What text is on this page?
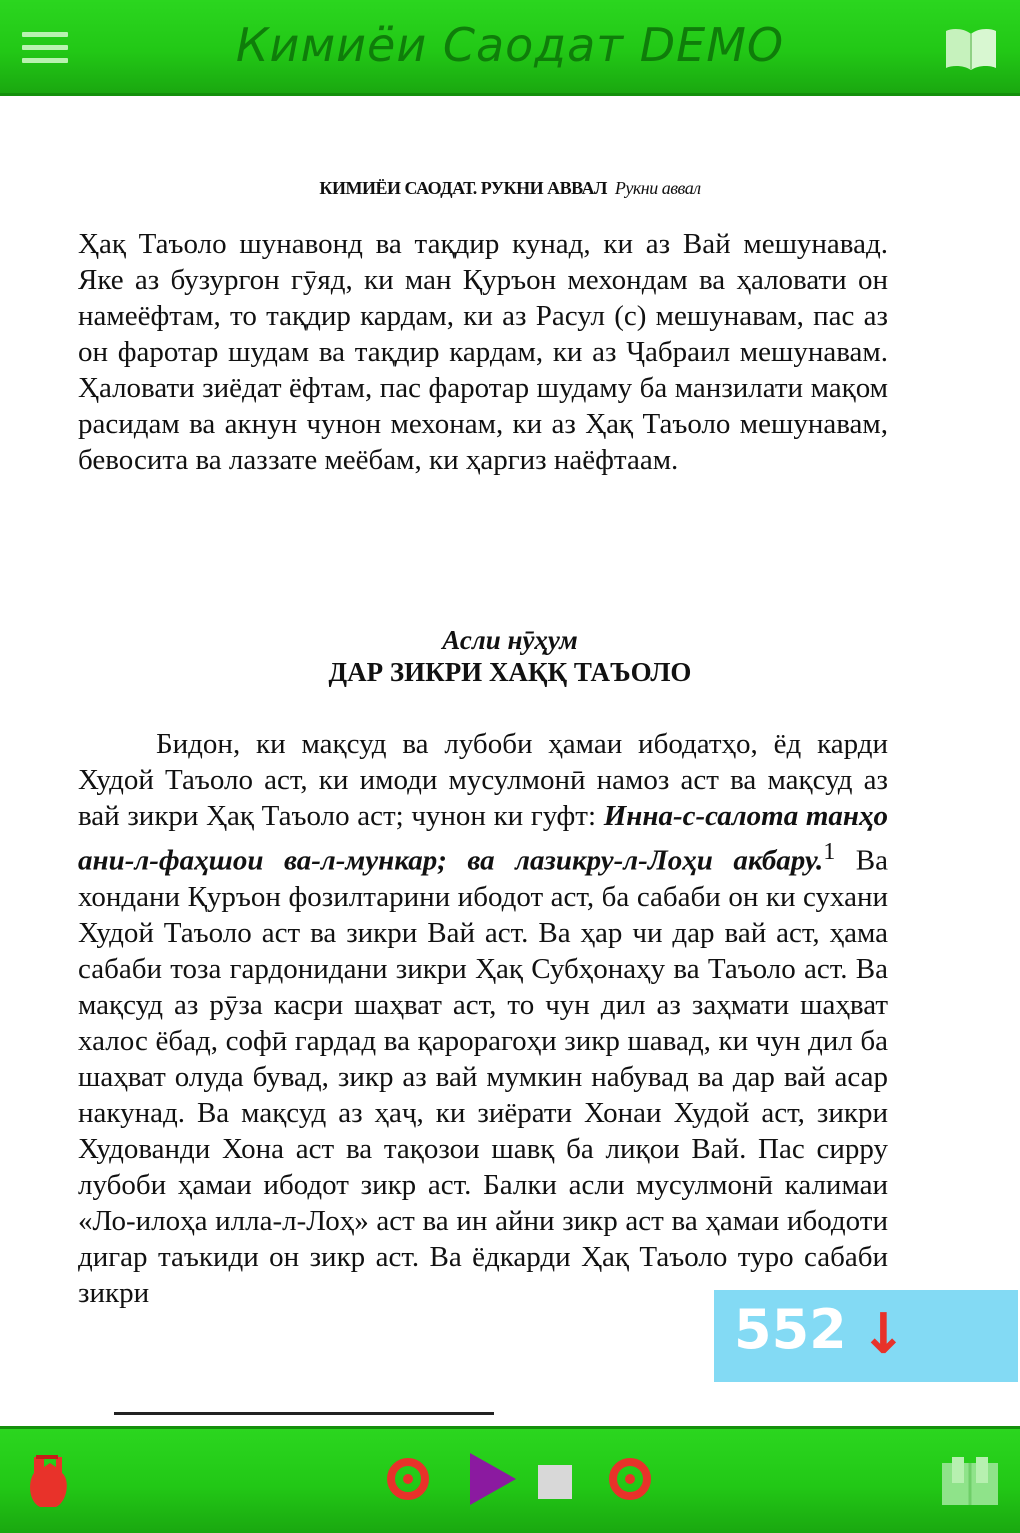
Кимиёи Саодат DEMO
КИМИЁИ САОДАТ. РУКНИ АВВАЛ Рукни аввал

Ҳақ Таъоло шунавонд ва тақдир кунад, ки аз Вай мешунавад. Яке аз бузургон гӯяд, ки ман Қуръон мехондам ва ҳаловати он намеёфтам, то тақдир кардам, ки аз Расул (с) мешунавам, пас аз он фаротар шудам ва тақдир кардам, ки аз Ҷабраил мешунавам. Ҳаловати зиёдат ёфтам, пас фаротар шудаму ба манзилати мақом расидам ва акнун чунон мехонам, ки аз Ҳақ Таъоло мешунавам, бевосита ва лаззате меёбам, ки ҳаргиз наёфтаам.

Асли нӯҳум
ДАР ЗИКРИ ХАҚҚ ТАЪОЛО

Бидон, ки мақсуд ва лубоби ҳамаи ибодатҳо, ёд карди Худой Таъоло аст, ки имоди мусулмонӣ намоз аст ва мақсуд аз вай зикри Ҳақ Таъоло аст; чунон ки гуфт: Инна-с-салота танҳо ани-л-фаҳшои ва-л-мункар; ва лазикру-л-Лоҳи акбару.$^1$ Ва хондани Қуръон фозилтарини ибодот аст, ба сабаби он ки сухани Худой Таъоло аст ва зикри Вай аст. Ва ҳар чи дар вай аст, ҳама сабаби тоза гардонидани зикри Ҳақ Субҳонаҳу ва Таъоло аст. Ва мақсуд аз рӯза касри шаҳват аст, то чун дил аз заҳмати шаҳват халос ёбад, софӣ гардад ва қарорагоҳи зикр шавад, ки чун дил ба шаҳват олуда бувад, зикр аз вай мумкин набувад ва дар вай асар накунад. Ва мақсуд аз ҳаҷ, ки зиёрати Хонаи Худой аст, зикри Худованди Хона аст ва тақозои шавқ ба лиқои Вай. Пас сирру лубоби ҳамаи ибодот зикр аст. Балки асли мусулмонӣ калимаи «Ло-илоҳа илла-л-Лоҳ» аст ва ин айни зикр аст ва ҳамаи ибодоти дигар таъкиди он зикр аст. Ва ёдкарди Ҳақ Таъоло туро сабаби зикри

552 ↓
